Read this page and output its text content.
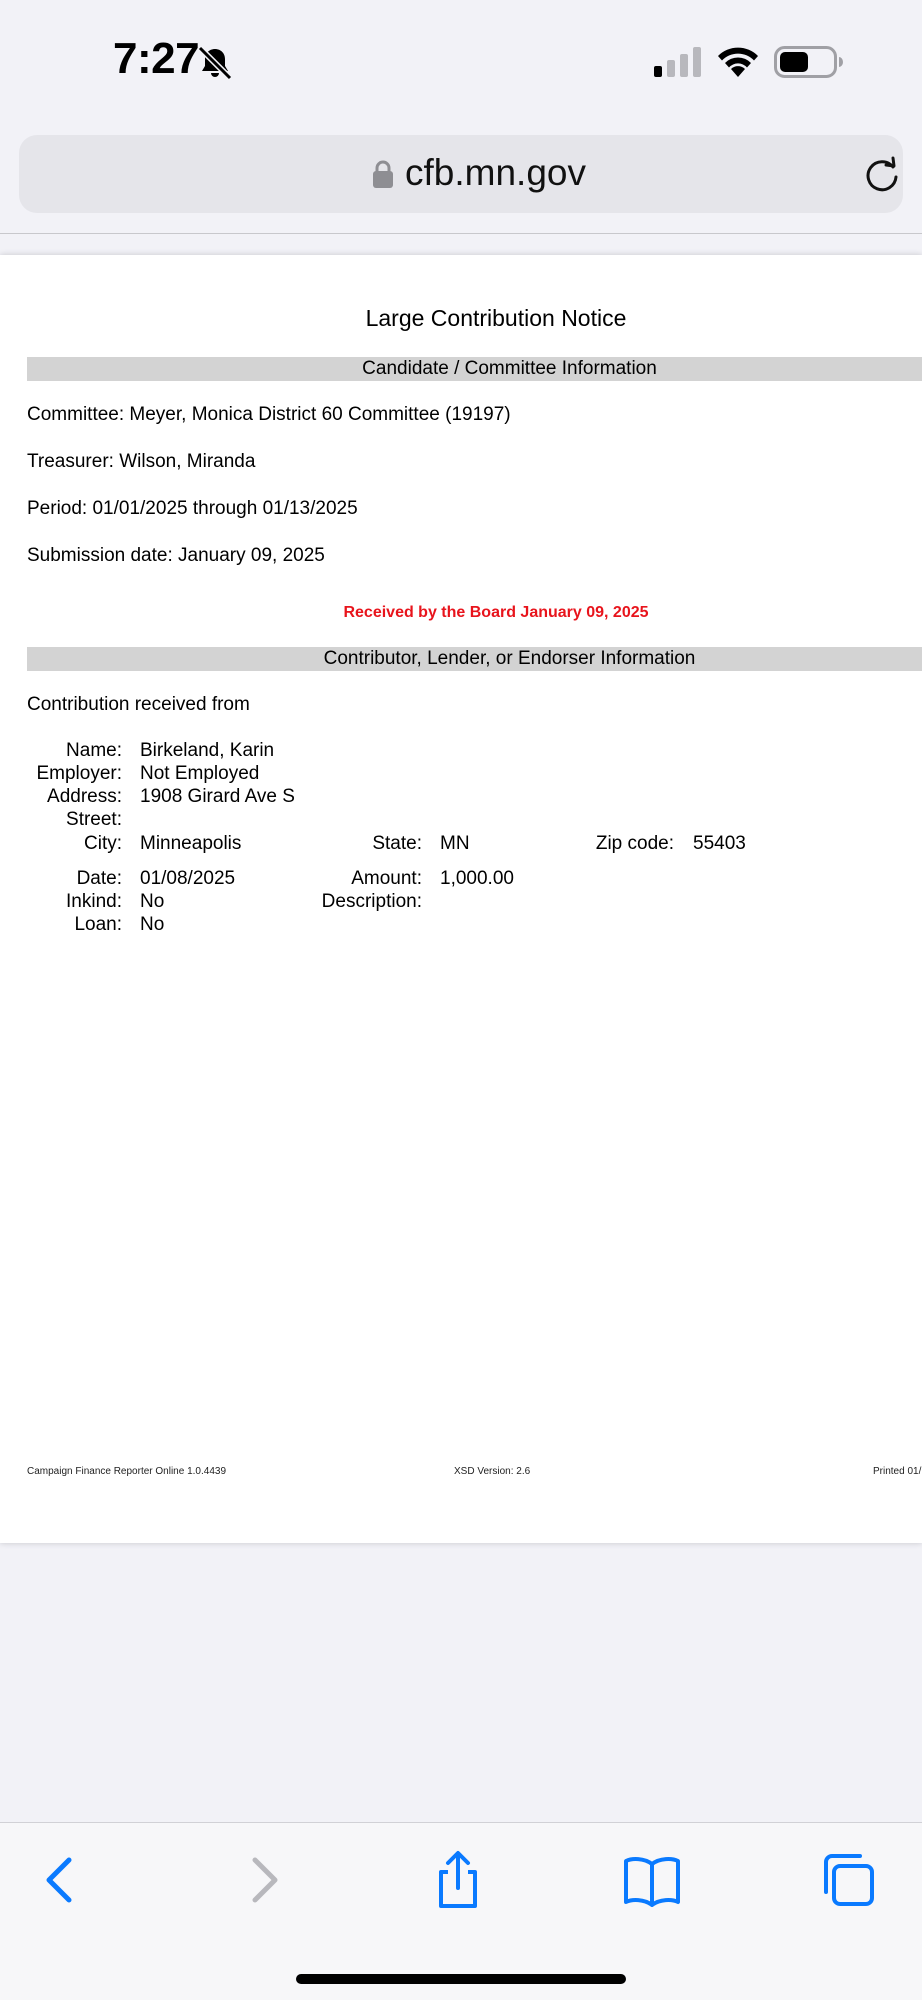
7:27
cfb.mn.gov
Large Contribution Notice
Candidate / Committee Information
Committee: Meyer, Monica District 60 Committee (19197)
Treasurer: Wilson, Miranda
Period: 01/01/2025 through 01/13/2025
Submission date: January 09, 2025
Received by the Board January 09, 2025
Contributor, Lender, or Endorser Information
Contribution received from
Name: Birkeland, Karin
Employer: Not Employed
Address: 1908 Girard Ave S
Street:
City: Minneapolis	State: MN	Zip code: 55403
Date: 01/08/2025	Amount: 1,000.00
Inkind: No	Description:
Loan: No
Campaign Finance Reporter Online 1.0.4439	XSD Version: 2.6	Printed 01/
